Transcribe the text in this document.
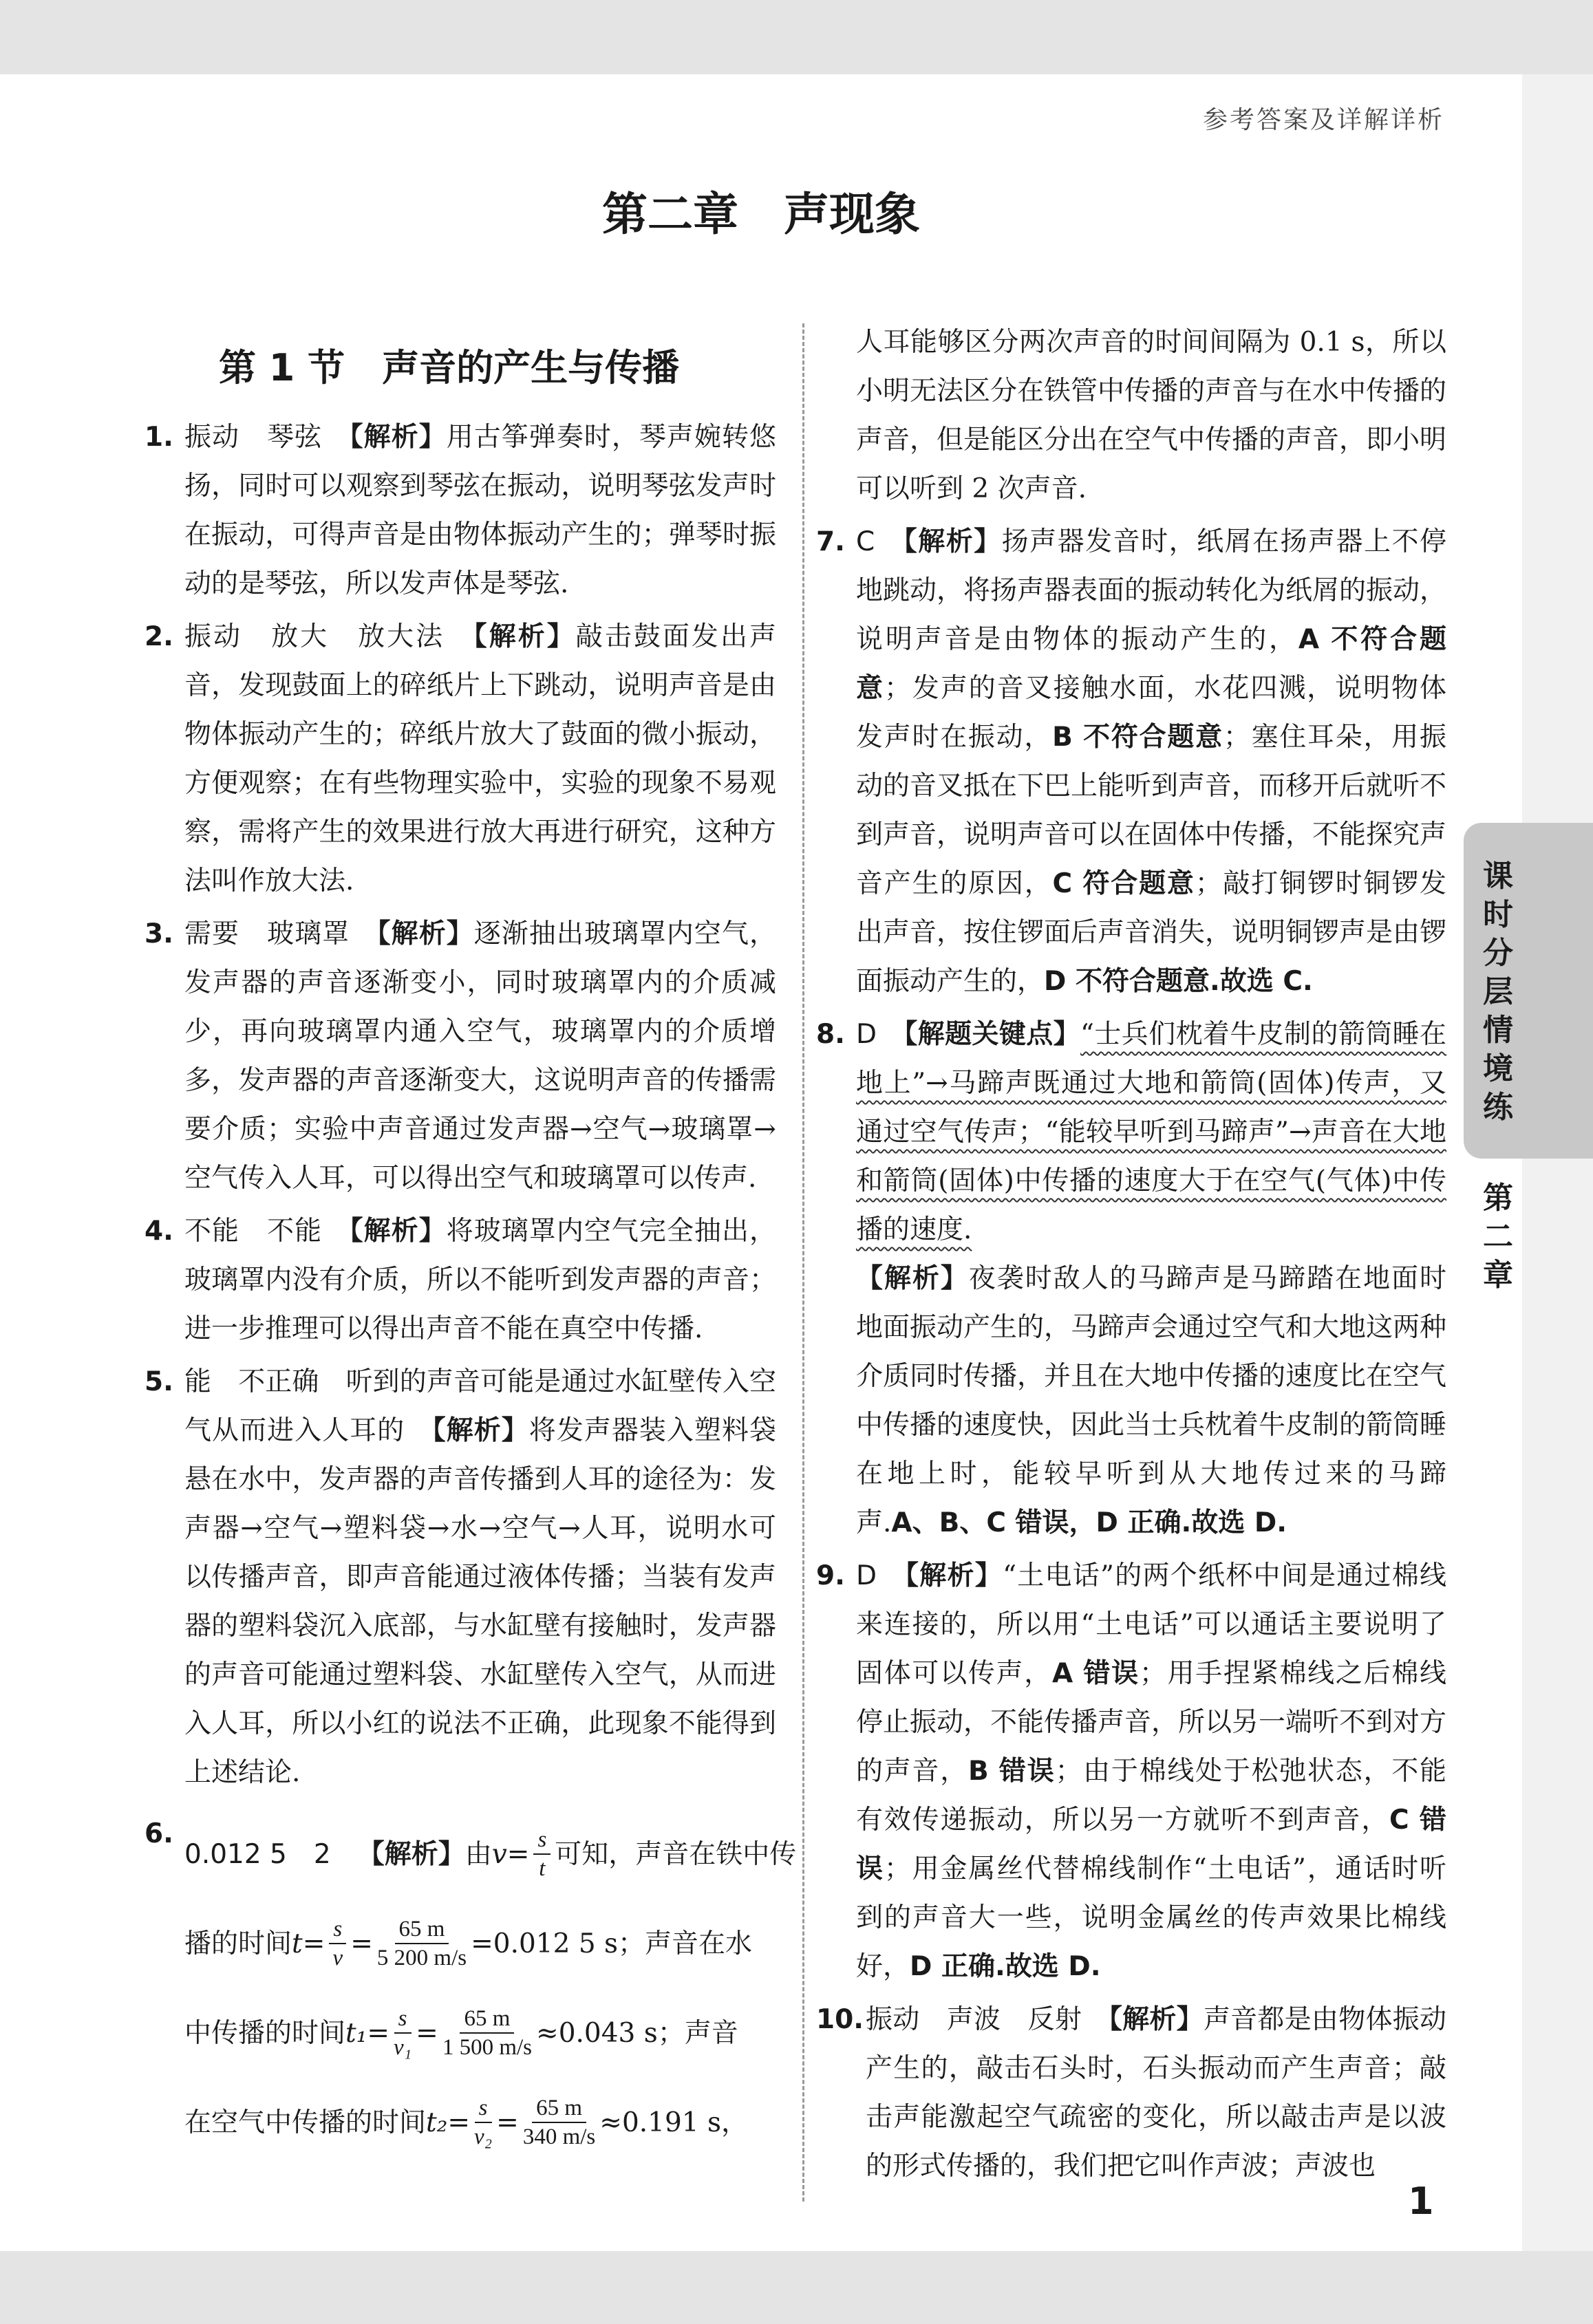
参考答案及详解详析
第二章 声现象
第 1 节　声音的产生与传播
1. 振动　琴弦　【解析】用古筝弹奏时，琴声婉转悠扬，同时可以观察到琴弦在振动，说明琴弦发声时在振动，可得声音是由物体振动产生的；弹琴时振动的是琴弦，所以发声体是琴弦.
2. 振动　放大　放大法　【解析】敲击鼓面发出声音，发现鼓面上的碎纸片上下跳动，说明声音是由物体振动产生的；碎纸片放大了鼓面的微小振动，方便观察；在有些物理实验中，实验的现象不易观察，需将产生的效果进行放大再进行研究，这种方法叫作放大法.
3. 需要　玻璃罩　【解析】逐渐抽出玻璃罩内空气，发声器的声音逐渐变小，同时玻璃罩内的介质减少，再向玻璃罩内通入空气，玻璃罩内的介质增多，发声器的声音逐渐变大，这说明声音的传播需要介质；实验中声音通过发声器→空气→玻璃罩→空气传入人耳，可以得出空气和玻璃罩可以传声.
4. 不能　不能　【解析】将玻璃罩内空气完全抽出，玻璃罩内没有介质，所以不能听到发声器的声音；进一步推理可以得出声音不能在真空中传播.
5. 能　不正确　听到的声音可能是通过水缸壁传入空气从而进入人耳的　【解析】将发声器装入塑料袋悬在水中，发声器的声音传播到人耳的途径为：发声器→空气→塑料袋→水→空气→人耳，说明水可以传播声音，即声音能通过液体传播；当装有发声器的塑料袋沉入底部，与水缸壁有接触时，发声器的声音可能通过塑料袋、水缸壁传入空气，从而进入人耳，所以小红的说法不正确，此现象不能得到上述结论.
6.
0.012 5　2　 【解析】 由 $v = \frac{s}{t}$ 可知，声音在铁中传
播的时间 $t = \frac{s}{v} = \frac{65 m}{5 200 m/s} =0.012$ 5 s；声音在水
中传播的时间 $t_1 = \frac{s}{\text{v₁}} = \frac{65 m}{1 500 m/s} \approx 0.043$ s；声音
在空气中传播的时间 $t_2 = \frac{s}{\text{v₂}} = \frac{65 m}{340 m/s} \approx 0.191$ s，
人耳能够区分两次声音的时间间隔为 0.1 s，所以小明无法区分在铁管中传播的声音与在水中传播的声音，但是能区分出在空气中传播的声音，即小明可以听到 2 次声音.
7. C　【解析】扬声器发音时，纸屑在扬声器上不停地跳动，将扬声器表面的振动转化为纸屑的振动，说明声音是由物体的振动产生的，A 不符合题意；发声的音叉接触水面，水花四溅，说明物体发声时在振动，B 不符合题意；塞住耳朵，用振动的音叉抵在下巴上能听到声音，而移开后就听不到声音，说明声音可以在固体中传播，不能探究声音产生的原因，C 符合题意；敲打铜锣时铜锣发出声音，按住锣面后声音消失，说明铜锣声是由锣面振动产生的，D 不符合题意.故选 C.
8. D　【解题关键点】“士兵们枕着牛皮制的箭筒睡在地上”→马蹄声既通过大地和箭筒(固体)传声，又通过空气传声；“能较早听到马蹄声”→声音在大地和箭筒(固体)中传播的速度大于在空气(气体)中传播的速度.
【解析】夜袭时敌人的马蹄声是马蹄踏在地面时地面振动产生的，马蹄声会通过空气和大地这两种介质同时传播，并且在大地中传播的速度比在空气中传播的速度快，因此当士兵枕着牛皮制的箭筒睡在地上时，能较早听到从大地传过来的马蹄声.A、B、C 错误，D 正确.故选 D.
9. D　【解析】“土电话”的两个纸杯中间是通过棉线来连接的，所以用“土电话”可以通话主要说明了固体可以传声，A 错误；用手捏紧棉线之后棉线停止振动，不能传播声音，所以另一端听不到对方的声音，B 错误；由于棉线处于松弛状态，不能有效传递振动，所以另一方就听不到声音，C 错误；用金属丝代替棉线制作“土电话”，通话时听到的声音大一些，说明金属丝的传声效果比棉线好，D 正确.故选 D.
10. 振动　声波　反射　【解析】声音都是由物体振动产生的，敲击石头时，石头振动而产生声音；敲击声能激起空气疏密的变化，所以敲击声是以波的形式传播的，我们把它叫作声波；声波也
课时分层情境练
第二章
1
